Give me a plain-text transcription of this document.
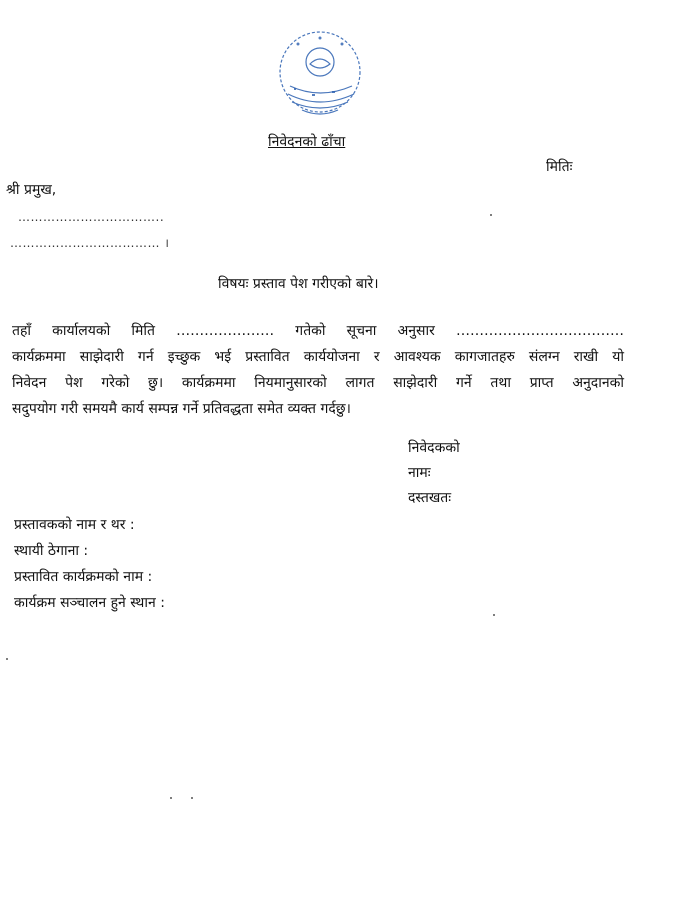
निवेदनको ढाँचा
मितिः
श्री प्रमुख,
……………………………..
……………………………… ।
विषयः प्रस्ताव पेश गरीएको बारे।
तहाँ कार्यालयको मिति ………………… गतेको सूचना अनुसार ………………………………
कार्यक्रममा साझेदारी गर्न इच्छुक भई प्रस्तावित कार्ययोजना र आवश्यक कागजातहरु संलग्न राखी यो
निवेदन पेश गरेको छु। कार्यक्रममा नियमानुसारको लागत साझेदारी गर्ने तथा प्राप्त अनुदानको
सदुपयोग गरी समयमै कार्य सम्पन्न गर्ने प्रतिवद्धता समेत व्यक्त गर्दछु।
निवेदकको
नामः
दस्तखतः
प्रस्तावकको नाम र थर :
स्थायी ठेगाना :
प्रस्तावित कार्यक्रमको नाम :
कार्यक्रम सञ्चालन हुने स्थान :
